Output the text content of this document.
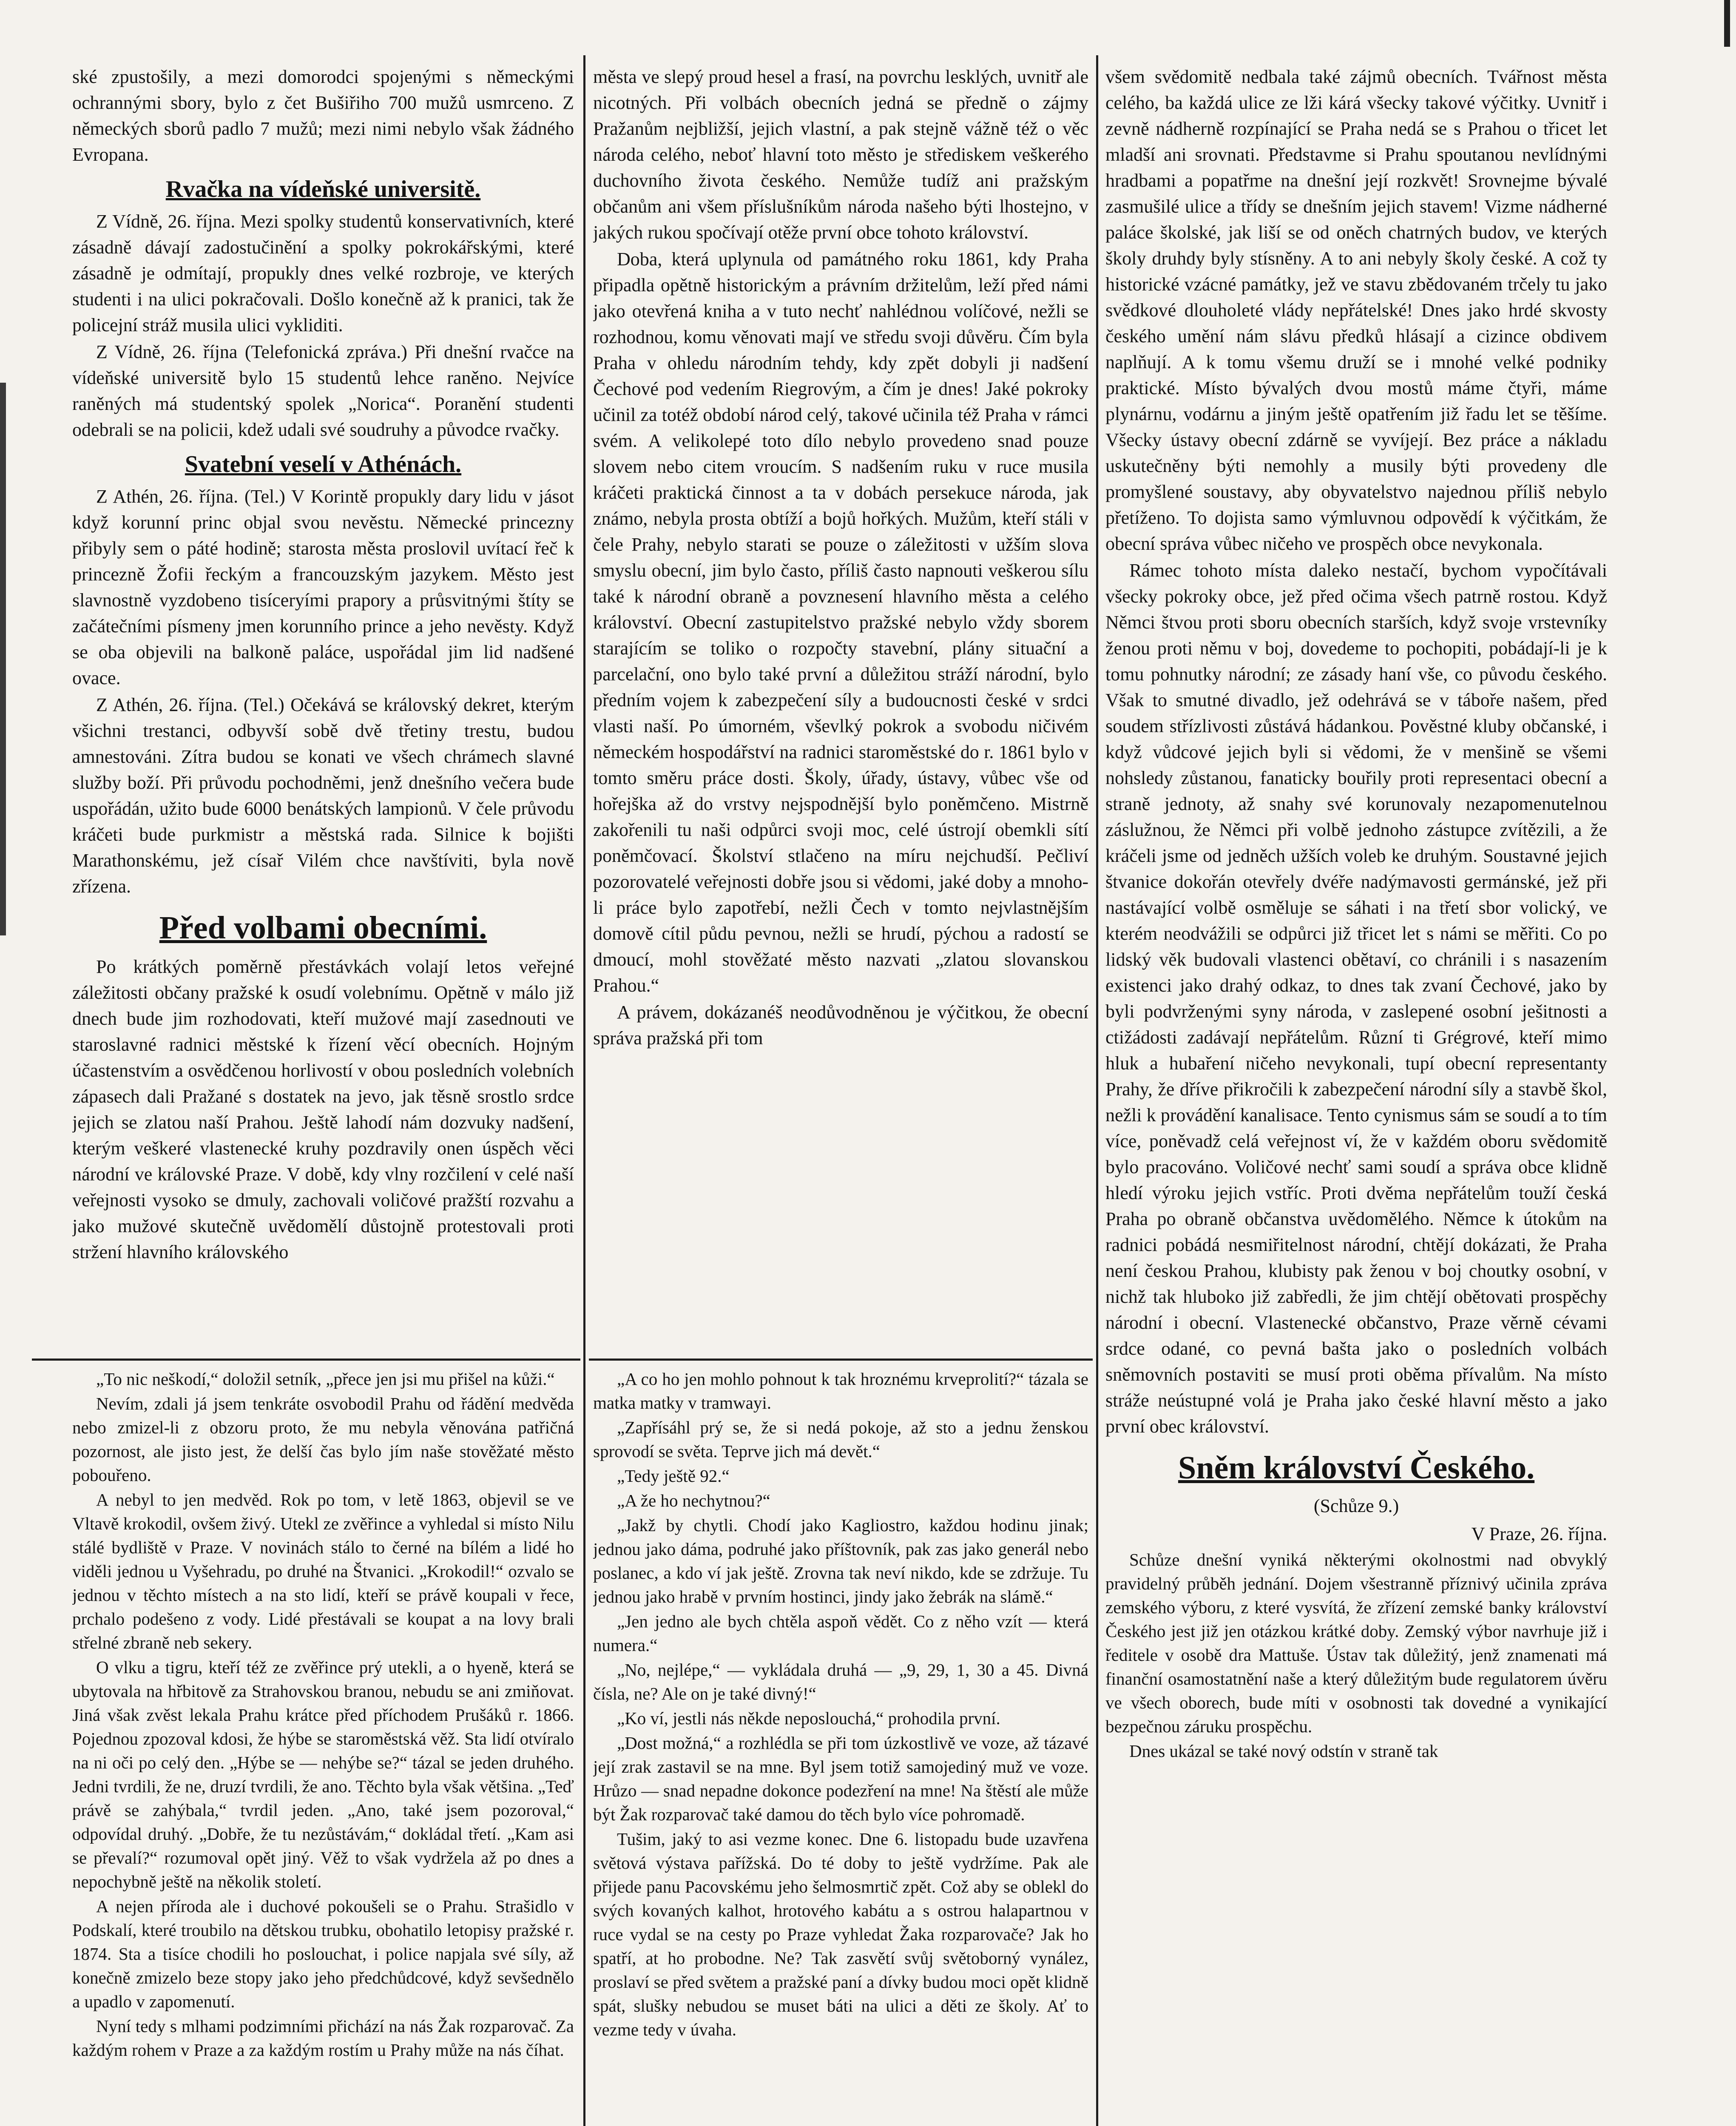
ské zpustošily, a mezi domorodci spojenými s německými ochrannými sbory, bylo z čet Bušiřiho 700 mužů usmrceno. Z německých sborů padlo 7 mužů; mezi nimi nebylo však žádného Evropana.

Rvačka na vídeňské universitě.

Z Vídně, 26. října. Mezi spolky studentů konservativních, které zásadně dávají zadostučinění a spolky pokrokářskými, které zásadně je odmítají, propukly dnes velké rozbroje, ve kterých studenti i na ulici pokračovali. Došlo konečně až k pranici, tak že policejní stráž musila ulici vykliditi.

Z Vídně, 26. října (Telefonická zpráva.) Při dnešní rvačce na vídeňské universitě bylo 15 studentů lehce raněno. Nejvíce raněných má studentský spolek „Norica“. Poranění studenti odebrali se na policii, kdež udali své soudruhy a původce rvačky.

Svatební veselí v Athénách.

Z Athén, 26. října. (Tel.) V Korintě propukly dary lidu v jásot když korunní princ objal svou nevěstu. Německé princezny přibyly sem o páté hodině; starosta města proslovil uvítací řeč k princezně Žofii řeckým a francouzským jazykem. Město jest slavnostně vyzdobeno tisíceryími prapory a průsvitnými štíty se začátečními písmeny jmen korunního prince a jeho nevěsty. Když se oba objevili na balkoně paláce, uspořádal jim lid nadšené ovace.

Z Athén, 26. října. (Tel.) Očekává se královský dekret, kterým všichni trestanci, odbyvší sobě dvě třetiny trestu, budou amnestováni. Zítra budou se konati ve všech chrámech slavné služby boží. Při průvodu pochodněmi, jenž dnešního večera bude uspořádán, užito bude 6000 benátských lampionů. V čele průvodu kráčeti bude purkmistr a městská rada. Silnice k bojišti Marathonskému, jež císař Vilém chce navštíviti, byla nově zřízena.

Před volbami obecními.

Po krátkých poměrně přestávkách volají letos veřejné záležitosti občany pražské k osudí volebnímu. Opětně v málo již dnech bude jim rozhodovati, kteří mužové mají zasednouti ve staroslavné radnici městské k řízení věcí obecních. Hojným účastenstvím a osvědčenou horlivostí v obou posledních volebních zápasech dali Pražané s dostatek na jevo, jak těsně srostlo srdce jejich se zlatou naší Prahou. Ještě lahodí nám dozvuky nadšení, kterým veškeré vlastenecké kruhy pozdravily onen úspěch věci národní ve královské Praze. V době, kdy vlny rozčilení v celé naší veřejnosti vysoko se dmuly, zachovali voličové pražští rozvahu a jako mužové skutečně uvědomělí důstojně protestovali proti stržení hlavního královského

města ve slepý proud hesel a frasí, na povrchu lesklých, uvnitř ale nicotných. Při volbách obecních jedná se předně o zájmy Pražanům nejbližší, jejich vlastní, a pak stejně vážně též o věc národa celého, neboť hlavní toto město je střediskem veškerého duchovního života českého. Nemůže tudíž ani pražským občanům ani všem příslušníkům národa našeho býti lhostejno, v jakých rukou spočívají otěže první obce tohoto království.

Doba, která uplynula od památného roku 1861, kdy Praha připadla opětně historickým a právním držitelům, leží před námi jako otevřená kniha a v tuto nechť nahlédnou volíčové, nežli se rozhodnou, komu věnovati mají ve středu svoji důvěru. Čím byla Praha v ohledu národním tehdy, kdy zpět dobyli ji nadšení Čechové pod vedením Riegrovým, a čím je dnes! Jaké pokroky učinil za totéž období národ celý, takové učinila též Praha v rámci svém. A velikolepé toto dílo nebylo provedeno snad pouze slovem nebo citem vroucím. S nadšením ruku v ruce musila kráčeti praktická činnost a ta v dobách persekuce národa, jak známo, nebyla prosta obtíží a bojů hořkých. Mužům, kteří stáli v čele Prahy, nebylo starati se pouze o záležitosti v užším slova smyslu obecní, jim bylo často, příliš často napnouti veškerou sílu také k národní obraně a povznesení hlavního města a celého království. Obecní zastupitelstvo pražské nebylo vždy sborem starajícím se toliko o rozpočty stavební, plány situační a parcelační, ono bylo také první a důležitou stráží národní, bylo předním vojem k zabezpečení síly a budoucnosti české v srdci vlasti naší. Po úmorném, vševlký pokrok a svobodu ničivém německém hospodářství na radnici staroměstské do r. 1861 bylo v tomto směru práce dosti. Školy, úřady, ústavy, vůbec vše od hořejška až do vrstvy nejspodnější bylo poněmčeno. Mistrně zakořenili tu naši odpůrci svoji moc, celé ústrojí obemkli sítí poněmčovací. Školství stlačeno na míru nejchudší. Pečliví pozorovatelé veřejnosti dobře jsou si vědomi, jaké doby a mnoho-li práce bylo zapotřebí, nežli Čech v tomto nejvlastnějším domově cítil půdu pevnou, nežli se hrudí, pýchou a radostí se dmoucí, mohl stověžaté město nazvati „zlatou slovanskou Prahou.“

A právem, dokázanéš neodůvodněnou je výčitkou, že obecní správa pražská při tom

všem svědomitě nedbala také zájmů obecních. Tvářnost města celého, ba každá ulice ze lži kárá všecky takové výčitky. Uvnitř i zevně nádherně rozpínající se Praha nedá se s Prahou o třicet let mladší ani srovnati. Představme si Prahu spoutanou nevlídnými hradbami a popatřme na dnešní její rozkvět! Srovnejme bývalé zasmušilé ulice a třídy se dnešním jejich stavem! Vizme nádherné paláce školské, jak liší se od oněch chatrných budov, ve kterých školy druhdy byly stísněny. A to ani nebyly školy české. A což ty historické vzácné památky, jež ve stavu zbědovaném trčely tu jako svědkové dlouholeté vlády nepřátelské! Dnes jako hrdé skvosty českého umění nám slávu předků hlásají a cizince obdivem naplňují. A k tomu všemu druží se i mnohé velké podniky praktické. Místo bývalých dvou mostů máme čtyři, máme plynárnu, vodárnu a jiným ještě opatřením již řadu let se těšíme. Všecky ústavy obecní zdárně se vyvíjejí. Bez práce a nákladu uskutečněny býti nemohly a musily býti provedeny dle promyšlené soustavy, aby obyvatelstvo najednou příliš nebylo přetíženo. To dojista samo výmluvnou odpovědí k výčitkám, že obecní správa vůbec ničeho ve prospěch obce nevykonala.

Rámec tohoto místa daleko nestačí, bychom vypočítávali všecky pokroky obce, jež před očima všech patrně rostou. Když Němci štvou proti sboru obecních starších, když svoje vrstevníky ženou proti němu v boj, dovedeme to pochopiti, pobádají-li je k tomu pohnutky národní; ze zásady haní vše, co původu českého. Však to smutné divadlo, jež odehrává se v táboře našem, před soudem střízlivosti zůstává hádankou. Pověstné kluby občanské, i když vůdcové jejich byli si vědomi, že v menšině se všemi nohsledy zůstanou, fanaticky bouřily proti representaci obecní a straně jednoty, až snahy své korunovaly nezapomenutelnou záslužnou, že Němci při volbě jednoho zástupce zvítězili, a že kráčeli jsme od jedněch užších voleb ke druhým. Soustavné jejich štvanice dokořán otevřely dvéře nadýmavosti germánské, jež při nastávající volbě osměluje se sáhati i na třetí sbor volický, ve kterém neodvážili se odpůrci již třicet let s námi se měřiti. Co po lidský věk budovali vlastenci obětaví, co chránili i s nasazením existenci jako drahý odkaz, to dnes tak zvaní Čechové, jako by byli podvrženými syny národa, v zaslepené osobní ješitnosti a ctižádosti zadávají nepřátelům. Různí ti Grégrové, kteří mimo hluk a hubaření ničeho nevykonali, tupí obecní representanty Prahy, že dříve přikročili k zabezpečení národní síly a stavbě škol, nežli k provádění kanalisace. Tento cynismus sám se soudí a to tím více, poněvadž celá veřejnost ví, že v každém oboru svědomitě bylo pracováno. Voličové nechť sami soudí a správa obce klidně hledí výroku jejich vstříc. Proti dvěma nepřátelům touží česká Praha po obraně občanstva uvědomělého. Němce k útokům na radnici pobádá nesmiřitelnost národní, chtějí dokázati, že Praha není českou Prahou, klubisty pak ženou v boj choutky osobní, v nichž tak hluboko již zabředli, že jim chtějí obětovati prospěchy národní i obecní. Vlastenecké občanstvo, Praze věrně cévami srdce odané, co pevná bašta jako o posledních volbách sněmovních postaviti se musí proti oběma přívalům. Na místo stráže neústupné volá je Praha jako české hlavní město a jako první obec království.

Sněm království Českého.
(Schůze 9.)

V Praze, 26. října.

Schůze dnešní vyniká některými okolnostmi nad obvyklý pravidelný průběh jednání. Dojem všestranně příznivý učinila zpráva zemského výboru, z které vysvítá, že zřízení zemské banky království Českého jest již jen otázkou krátké doby. Zemský výbor navrhuje již i ředitele v osobě dra Mattuše. Ústav tak důležitý, jenž znamenati má finanční osamostatnění naše a který důležitým bude regulatorem úvěru ve všech oborech, bude míti v osobnosti tak dovedné a vynikající bezpečnou záruku prospěchu.

Dnes ukázal se také nový odstín v straně tak

„To nic neškodí,“ doložil setník, „přece jen jsi mu přišel na kůži.“

Nevím, zdali já jsem tenkráte osvobodil Prahu od řádění medvěda nebo zmizel-li z obzoru proto, že mu nebyla věnována patřičná pozornost, ale jisto jest, že delší čas bylo jím naše stověžaté město pobouřeno.

A nebyl to jen medvěd. Rok po tom, v letě 1863, objevil se ve Vltavě krokodil, ovšem živý. Utekl ze zvěřince a vyhledal si místo Nilu stálé bydliště v Praze. V novinách stálo to černé na bílém a lidé ho viděli jednou u Vyšehradu, po druhé na Štvanici. „Krokodil!“ ozvalo se jednou v těchto místech a na sto lidí, kteří se právě koupali v řece, prchalo podešeno z vody. Lidé přestávali se koupat a na lovy brali střelné zbraně neb sekery.

O vlku a tigru, kteří též ze zvěřince prý utekli, a o hyeně, která se ubytovala na hřbitově za Strahovskou branou, nebudu se ani zmiňovat. Jiná však zvěst lekala Prahu krátce před příchodem Prušáků r. 1866. Pojednou zpozoval kdosi, že hýbe se staroměstská věž. Sta lidí otvíralo na ni oči po celý den. „Hýbe se — nehýbe se?“ tázal se jeden druhého. Jedni tvrdili, že ne, druzí tvrdili, že ano. Těchto byla však většina. „Teď právě se zahýbala,“ tvrdil jeden. „Ano, také jsem pozoroval,“ odpovídal druhý. „Dobře, že tu nezůstávám,“ dokládal třetí. „Kam asi se převalí?“ rozumoval opět jiný. Věž to však vydržela až po dnes a nepochybně ještě na několik století.

A nejen příroda ale i duchové pokoušeli se o Prahu. Strašidlo v Podskalí, které troubilo na dětskou trubku, obohatilo letopisy pražské r. 1874. Sta a tisíce chodili ho poslouchat, i police napjala své síly, až konečně zmizelo beze stopy jako jeho předchůdcové, když sevšednělo a upadlo v zapomenutí.

Nyní tedy s mlhami podzimními přichází na nás Žak rozparovač. Za každým rohem v Praze a za každým rostím u Prahy může na nás číhat.

„A co ho jen mohlo pohnout k tak hroznému krveprolití?“ tázala se matka matky v tramwayi.

„Zapřísáhl prý se, že si nedá pokoje, až sto a jednu ženskou sprovodí se světa. Teprve jich má devět.“

„Tedy ještě 92.“

„A že ho nechytnou?“

„Jakž by chytli. Chodí jako Kagliostro, každou hodinu jinak; jednou jako dáma, podruhé jako příštovník, pak zas jako generál nebo poslanec, a kdo ví jak ještě. Zrovna tak neví nikdo, kde se zdržuje. Tu jednou jako hrabě v prvním hostinci, jindy jako žebrák na slámě.“

„Jen jedno ale bych chtěla aspoň vědět. Co z něho vzít — která numera.“

„No, nejlépe,“ — vykládala druhá — „9, 29, 1, 30 a 45. Divná čísla, ne? Ale on je také divný!“

„Ko ví, jestli nás někde neposlouchá,“ prohodila první.

„Dost možná,“ a rozhlédla se při tom úzkostlivě ve voze, až tázavé její zrak zastavil se na mne. Byl jsem totiž samojediný muž ve voze. Hrůzo — snad nepadne dokonce podezření na mne! Na štěstí ale může být Žak rozparovač také damou do těch bylo více pohromadě.

Tušim, jaký to asi vezme konec. Dne 6. listopadu bude uzavřena světová výstava pařížská. Do té doby to ještě vydržíme. Pak ale přijede panu Pacovskému jeho šelmosmrtič zpět. Což aby se oblekl do svých kovaných kalhot, hrotového kabátu a s ostrou halapartnou v ruce vydal se na cesty po Praze vyhledat Žaka rozparovače? Jak ho spatří, at ho probodne. Ne? Tak zasvětí svůj světoborný vynález, proslaví se před světem a pražské paní a dívky budou moci opět klidně spát, slušky nebudou se muset báti na ulici a děti ze školy. Ať to vezme tedy v úvaha.
